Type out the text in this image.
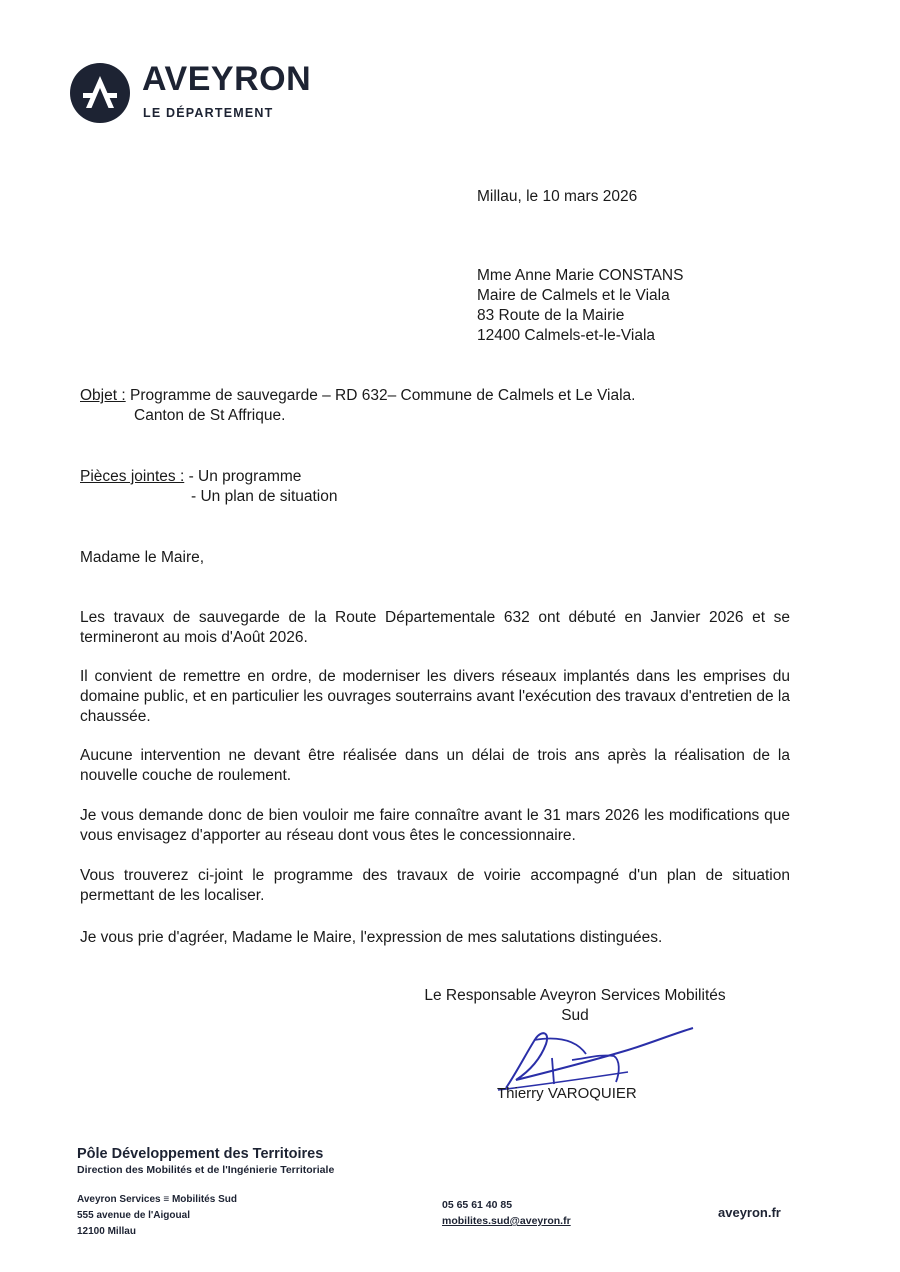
AVEYRON
LE DÉPARTEMENT
Millau, le 10 mars 2026
Mme Anne Marie CONSTANS
Maire de Calmels et le Viala
83 Route de la Mairie
12400 Calmels-et-le-Viala
Objet : Programme de sauvegarde – RD 632– Commune de Calmels et Le Viala.
Canton de St Affrique.
Pièces jointes : - Un programme
- Un plan de situation
Madame le Maire,
Les travaux de sauvegarde de la Route Départementale 632 ont débuté en Janvier 2026 et se termineront au mois d'Août 2026.
Il convient de remettre en ordre, de moderniser les divers réseaux implantés dans les emprises du domaine public, et en particulier les ouvrages souterrains avant l'exécution des travaux d'entretien de la chaussée.
Aucune intervention ne devant être réalisée dans un délai de trois ans après la réalisation de la nouvelle couche de roulement.
Je vous demande donc de bien vouloir me faire connaître avant le 31 mars 2026 les modifications que vous envisagez d'apporter au réseau dont vous êtes le concessionnaire.
Vous trouverez ci-joint le programme des travaux de voirie accompagné d'un plan de situation permettant de les localiser.
Je vous prie d'agréer, Madame le Maire, l'expression de mes salutations distinguées.
Le Responsable Aveyron Services Mobilités
Sud
Thierry VAROQUIER
Pôle Développement des Territoires
Direction des Mobilités et de l'Ingénierie Territoriale
Aveyron Services ≡ Mobilités Sud
555 avenue de l'Aigoual
12100 Millau
05 65 61 40 85
mobilites.sud@aveyron.fr
aveyron.fr
